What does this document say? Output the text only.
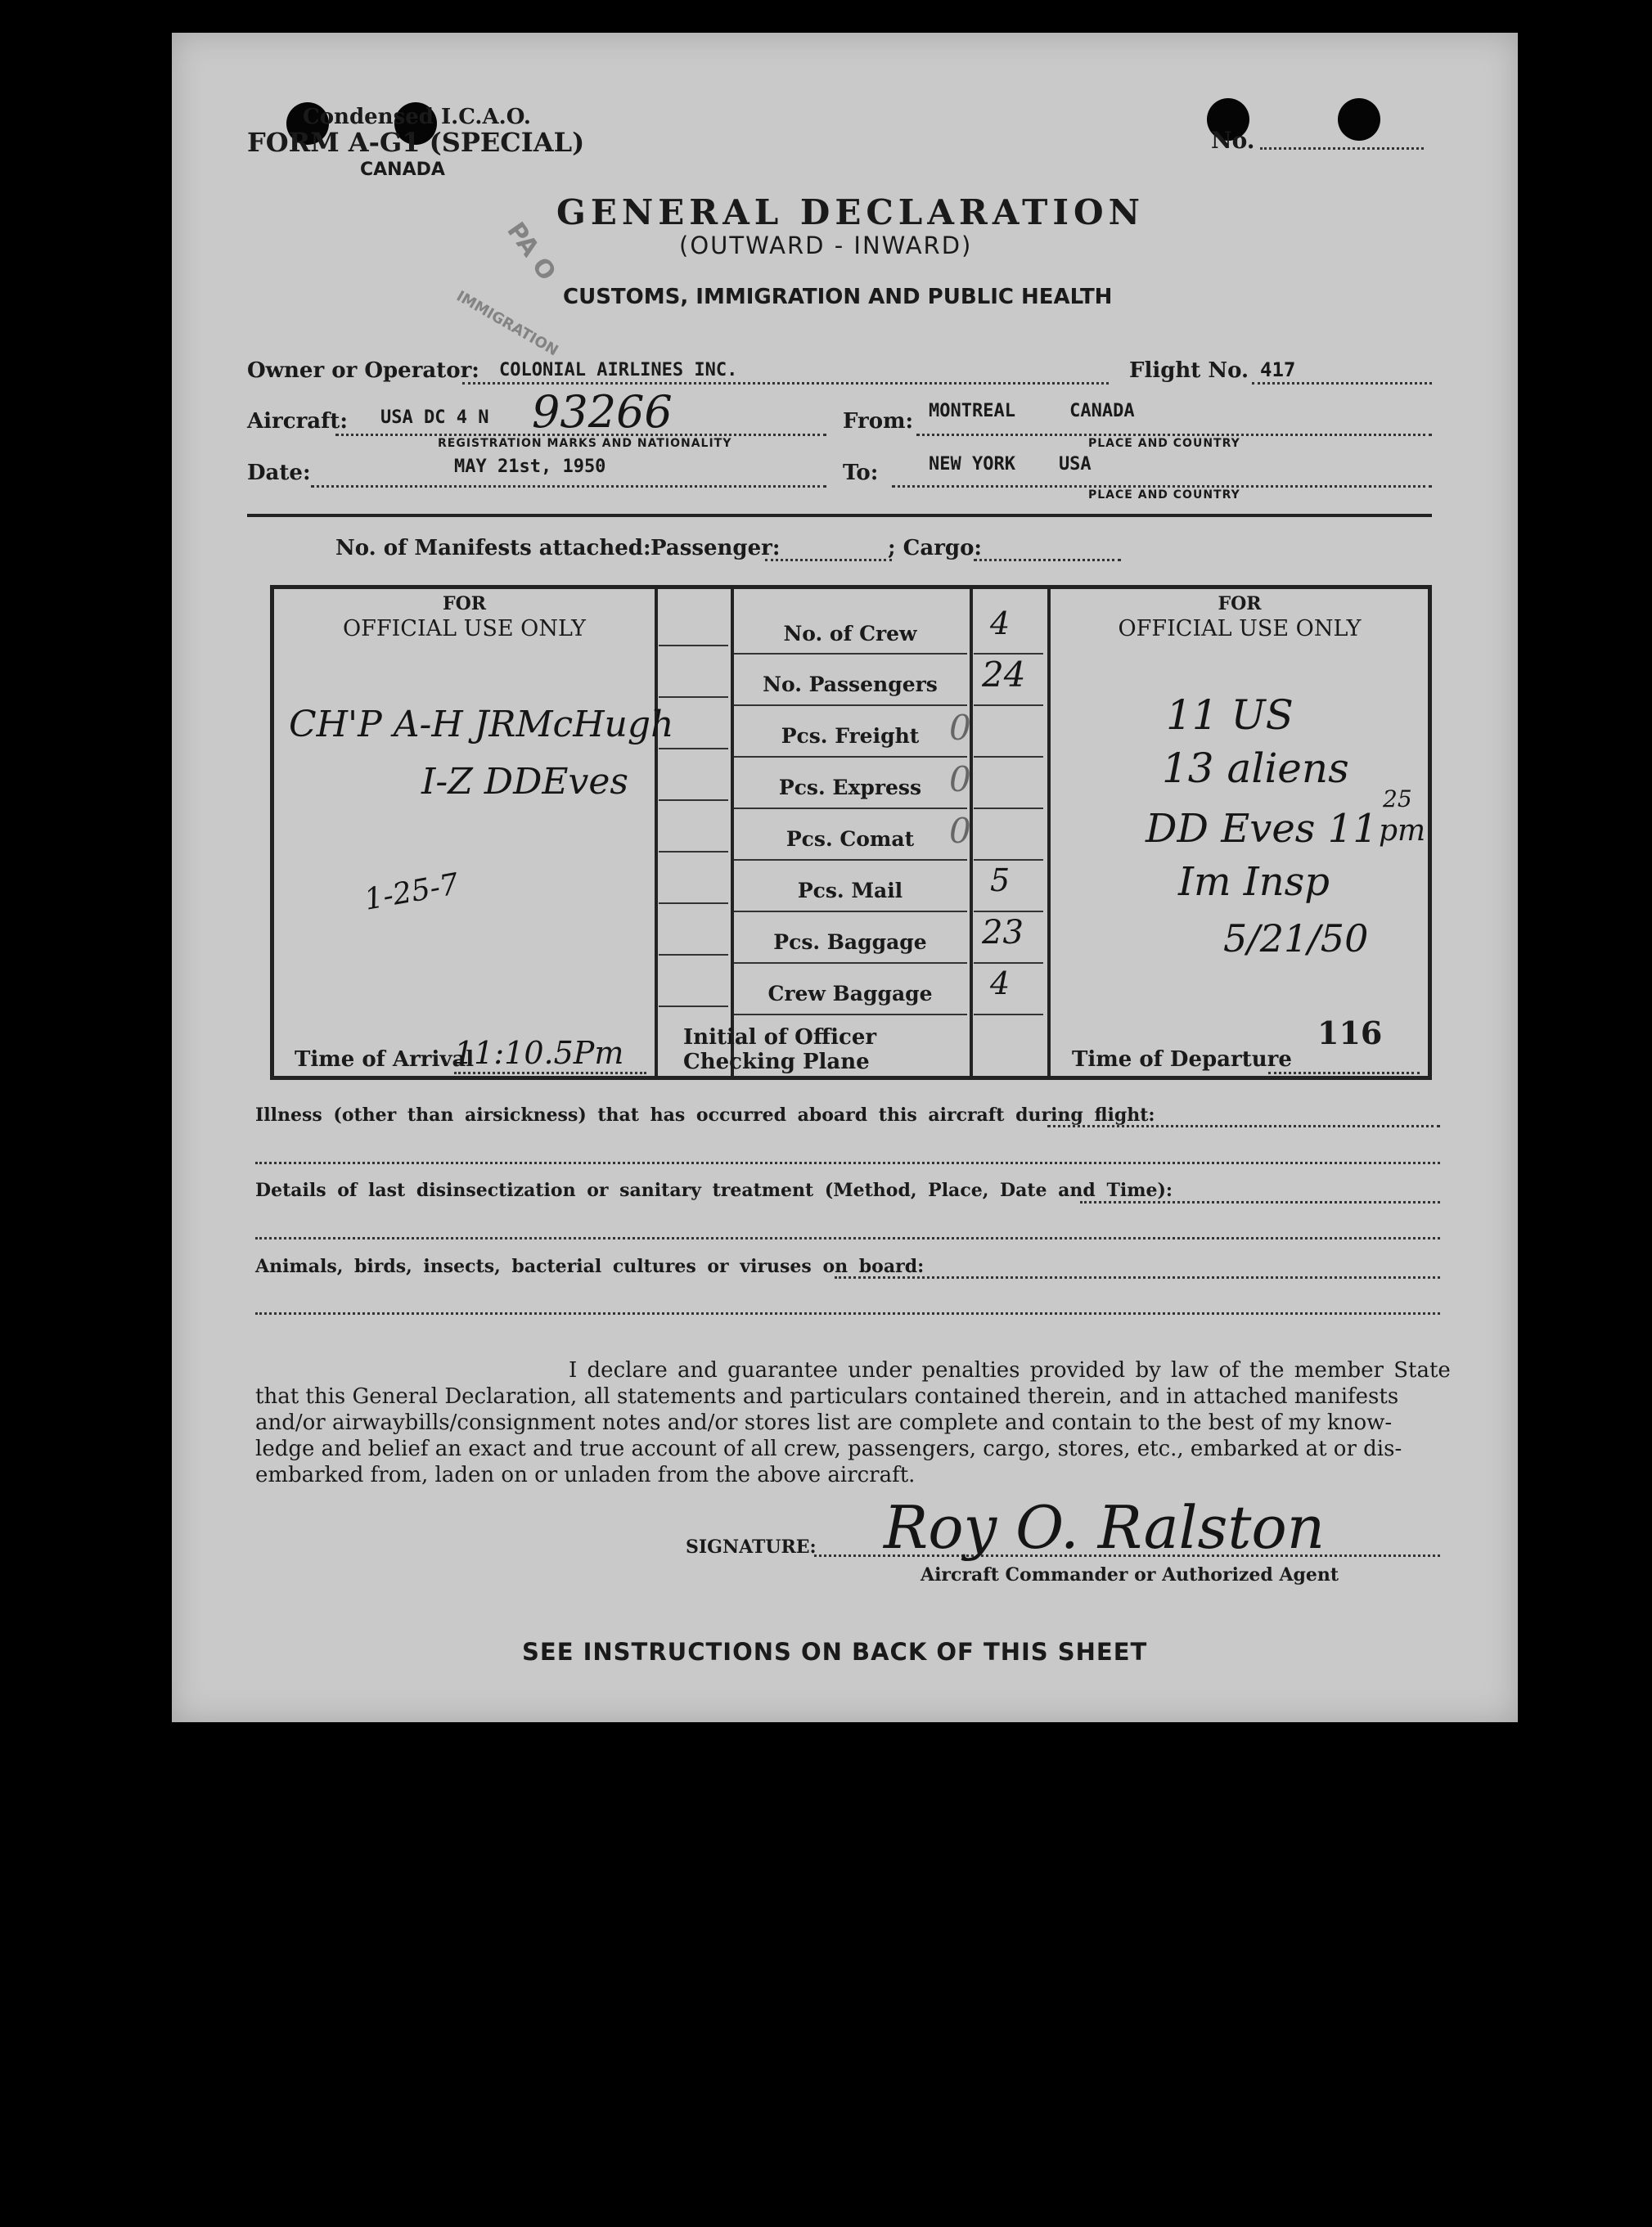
Condensed I.C.A.O.
FORM A-G1 (SPECIAL)
CANADA
No.
GENERAL DECLARATION
(OUTWARD - INWARD)
CUSTOMS, IMMIGRATION AND PUBLIC HEALTH
PA O
IMMIGRATION
Owner or Operator: COLONIAL AIRLINES INC.	Flight No. 417
Aircraft: USA DC 4 N 93266
REGISTRATION MARKS AND NATIONALITY
From: MONTREAL     CANADA
PLACE AND COUNTRY
Date:	MAY 21st, 1950	To:	NEW YORK    USA
PLACE AND COUNTRY
No. of Manifests attached: Passenger:	; Cargo:
FOR
OFFICIAL USE ONLY
FOR
OFFICIAL USE ONLY
No. of Crew	4
No. Passengers	24
Pcs. Freight 0
Pcs. Express 0
Pcs. Comat	0
Pcs. Mail	5
Pcs. Baggage	23
Crew Baggage	4
CH'P A-H JRMcHugh
I-Z DDEves
1-25-7
11 US
13 aliens
DD Eves 11
25
pm
Im Insp
5/21/50
Time of Arrival
11:10.5Pm	Initial of Officer
Checking Plane	Time of Departure
116
Illness (other than airsickness) that has occurred aboard this aircraft during flight:
Details of last disinsectization or sanitary treatment (Method, Place, Date and Time):
Animals, birds, insects, bacterial cultures or viruses on board:
I declare and guarantee under penalties provided by law of the member State
that this General Declaration, all statements and particulars contained therein, and in attached manifests
and/or airwaybills/consignment notes and/or stores list are complete and contain to the best of my know-
ledge and belief an exact and true account of all crew, passengers, cargo, stores, etc., embarked at or dis-
embarked from, laden on or unladen from the above aircraft.
SIGNATURE: Roy O. Ralston
Aircraft Commander or Authorized Agent
SEE INSTRUCTIONS ON BACK OF THIS SHEET
